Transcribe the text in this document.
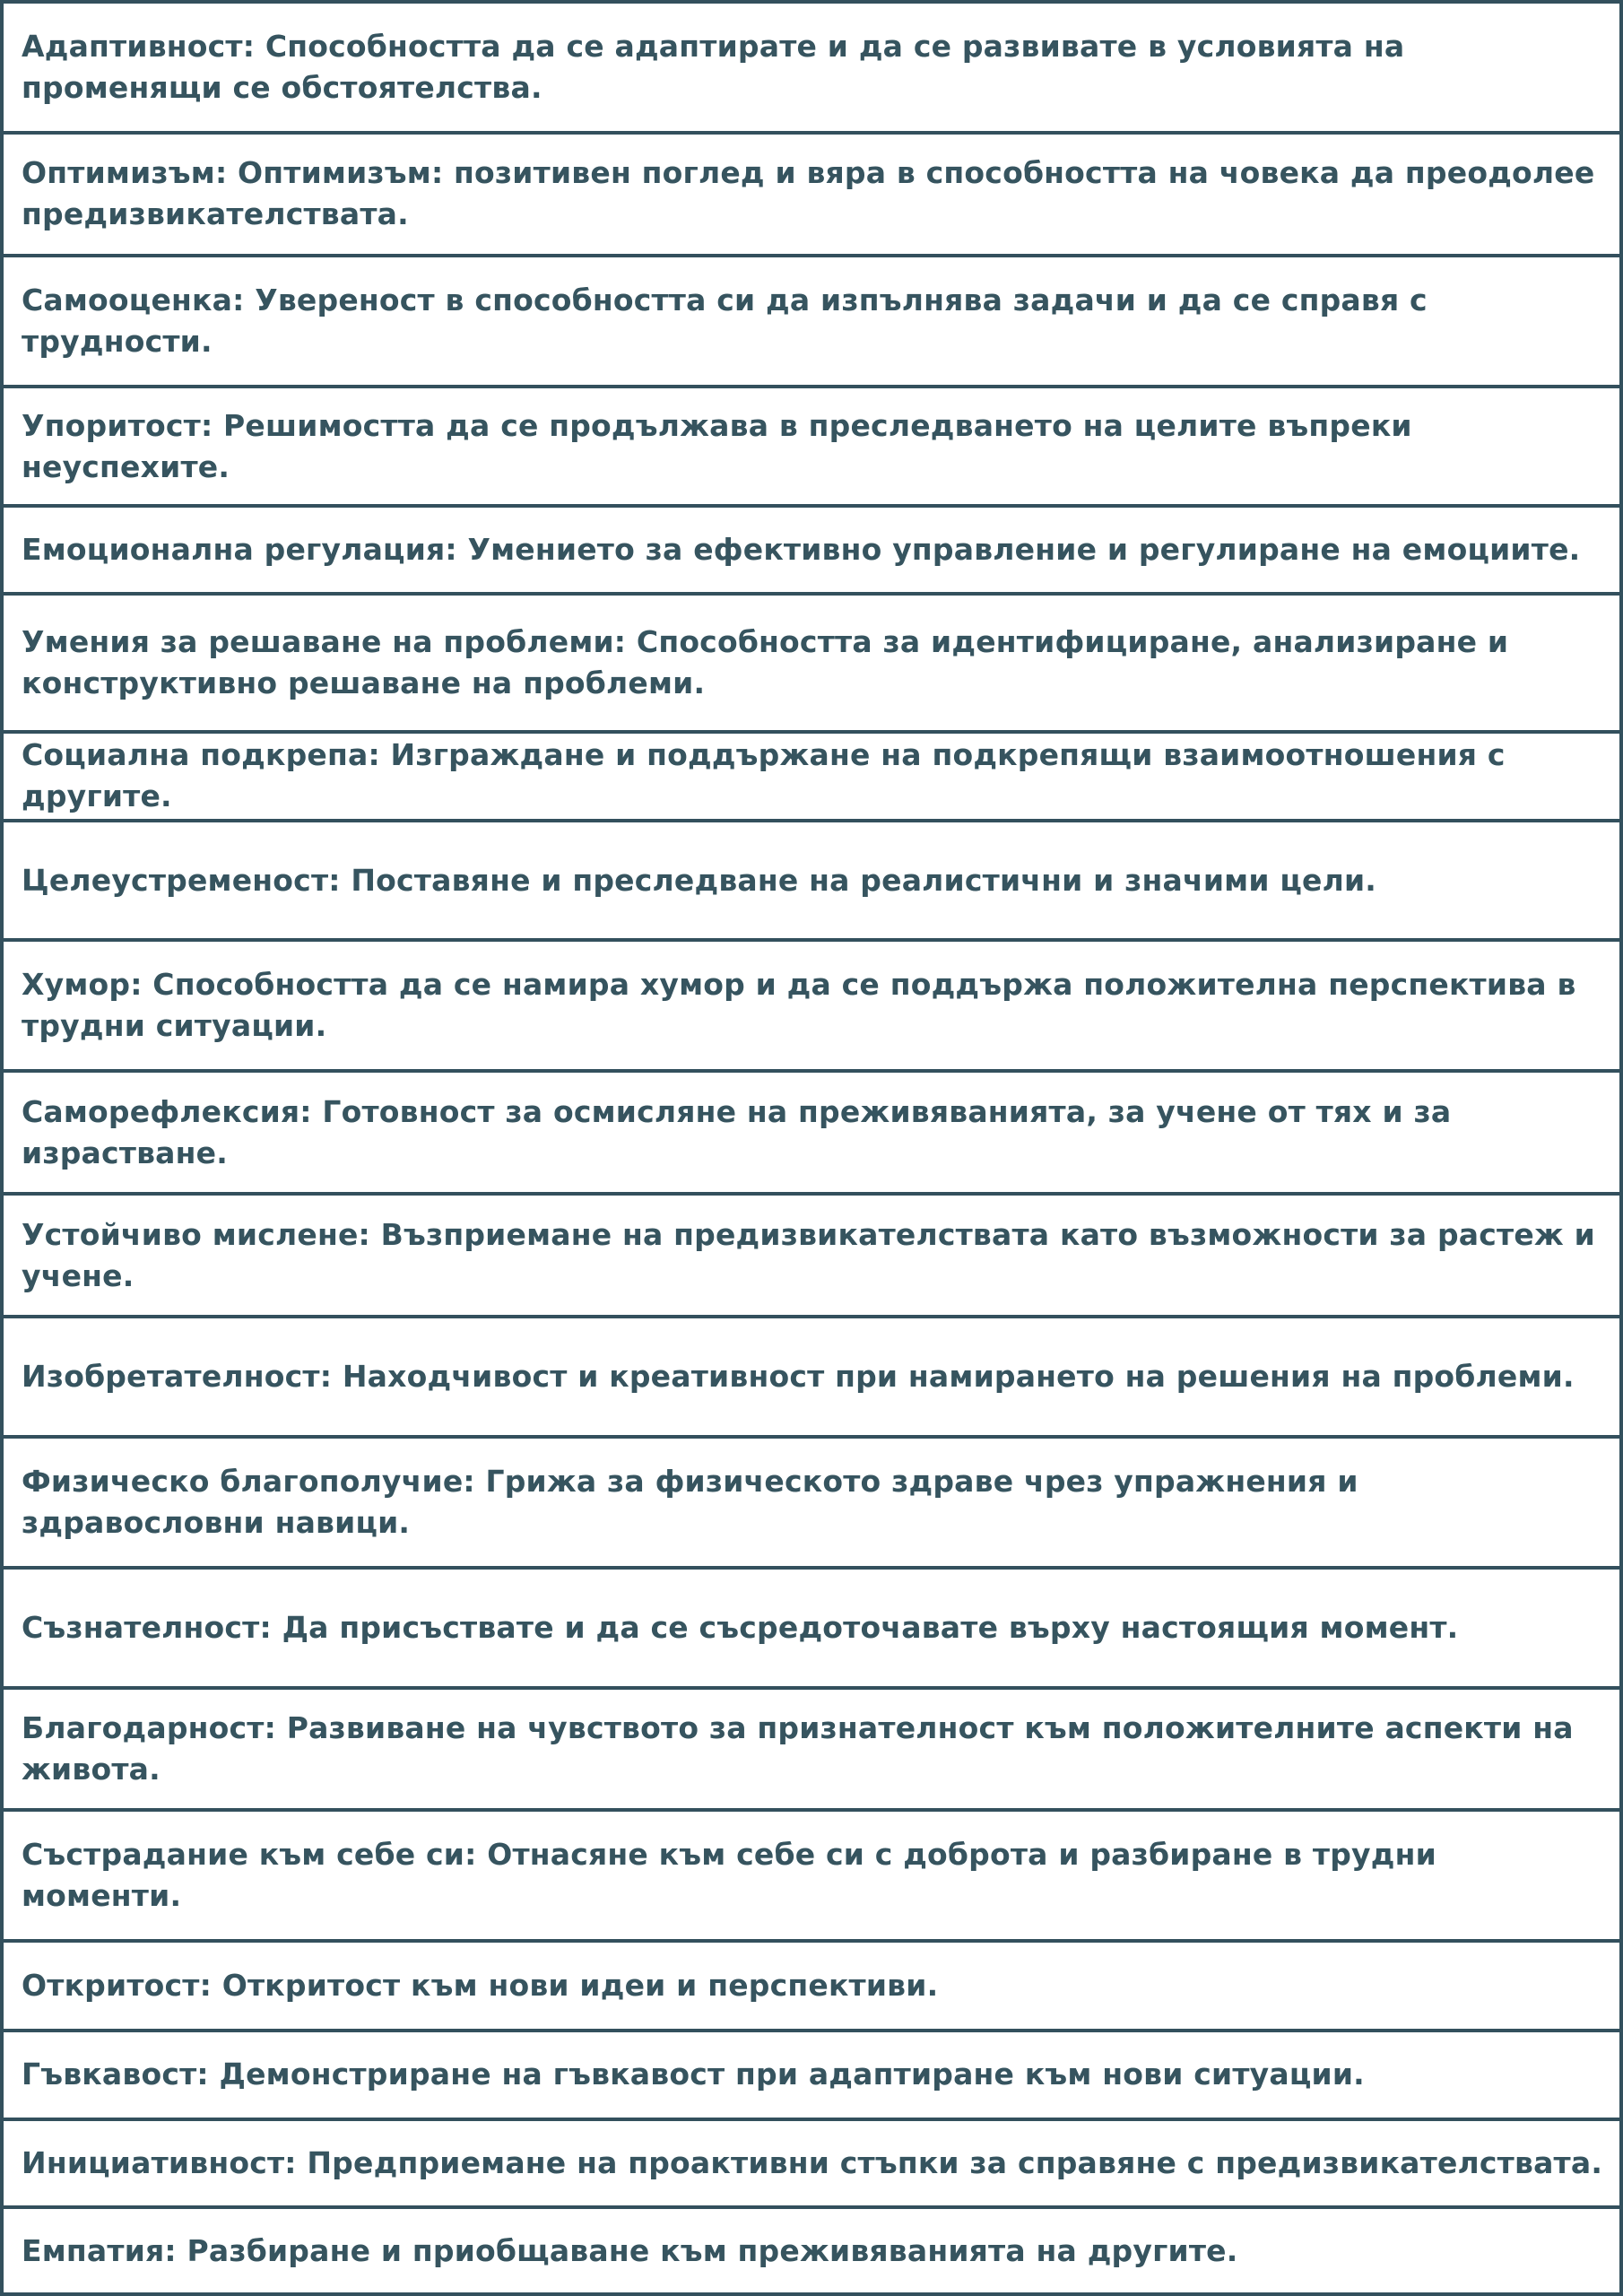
Адаптивност: Способността да се адаптирате и да се развивате в условията на променящи се обстоятелства.
Оптимизъм: Оптимизъм: позитивен поглед и вяра в способността на човека да преодолее предизвикателствата.
Самооценка: Увереност в способността си да изпълнява задачи и да се справя с трудности.
Упоритост: Решимостта да се продължава в преследването на целите въпреки неуспехите.
Емоционална регулация: Умението за ефективно управление и регулиране на емоциите.
Умения за решаване на проблеми: Способността за идентифициране, анализиране и конструктивно решаване на проблеми.
Социална подкрепа: Изграждане и поддържане на подкрепящи взаимоотношения с другите.
Целеустременост: Поставяне и преследване на реалистични и значими цели.
Хумор: Способността да се намира хумор и да се поддържа положителна перспектива в трудни ситуации.
Саморефлексия: Готовност за осмисляне на преживяванията, за учене от тях и за израстване.
Устойчиво мислене: Възприемане на предизвикателствата като възможности за растеж и учене.
Изобретателност: Находчивост и креативност при намирането на решения на проблеми.
Физическо благополучие: Грижа за физическото здраве чрез упражнения и здравословни навици.
Съзнателност: Да присъствате и да се съсредоточавате върху настоящия момент.
Благодарност: Развиване на чувството за признателност към положителните аспекти на живота.
Състрадание към себе си: Отнасяне към себе си с доброта и разбиране в трудни моменти.
Откритост: Откритост към нови идеи и перспективи.
Гъвкавост: Демонстриране на гъвкавост при адаптиране към нови ситуации.
Инициативност: Предприемане на проактивни стъпки за справяне с предизвикателствата.
Емпатия: Разбиране и приобщаване към преживяванията на другите.
